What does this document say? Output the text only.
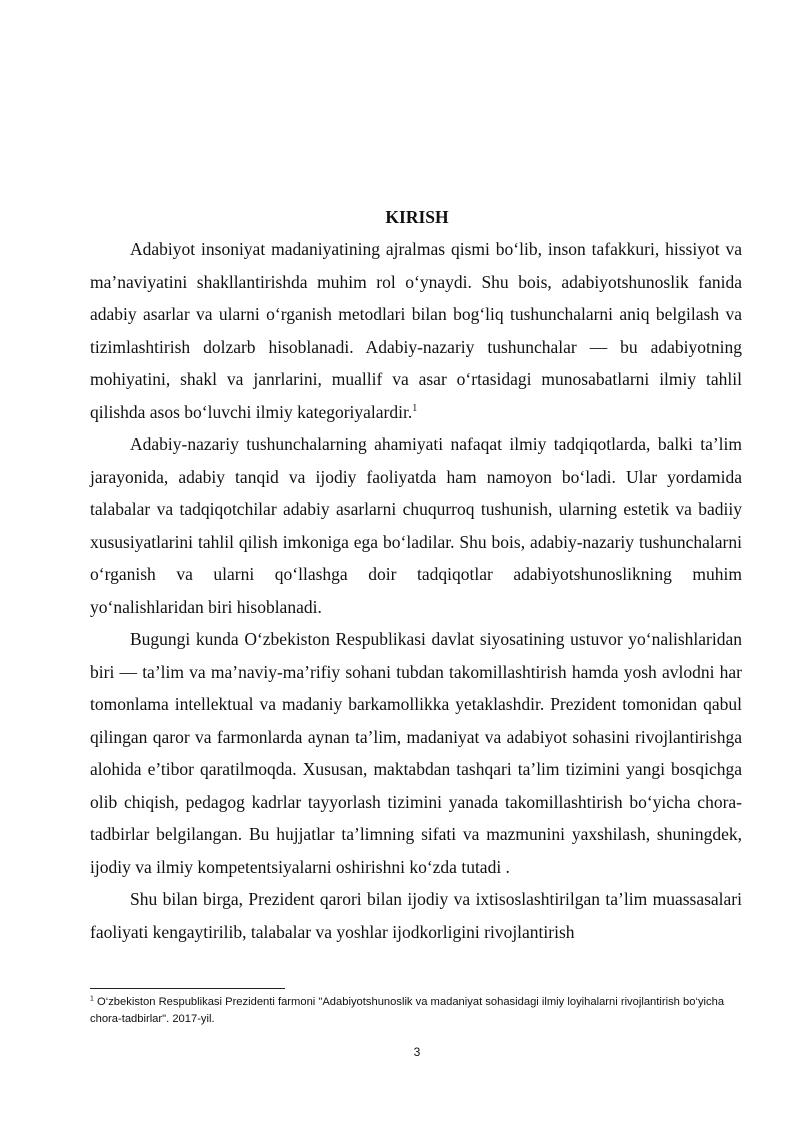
KIRISH

Adabiyot insoniyat madaniyatining ajralmas qismi bo‘lib, inson tafakkuri, hissiyot va ma’naviyatini shakllantirishda muhim rol o‘ynaydi. Shu bois, adabiyotshunoslik fanida adabiy asarlar va ularni o‘rganish metodlari bilan bog‘liq tushunchalarni aniq belgilash va tizimlashtirish dolzarb hisoblanadi. Adabiy-nazariy tushunchalar — bu adabiyotning mohiyatini, shakl va janrlarini, muallif va asar o‘rtasidagi munosabatlarni ilmiy tahlil qilishda asos bo‘luvchi ilmiy kategoriyalardir.$^1$

Adabiy-nazariy tushunchalarning ahamiyati nafaqat ilmiy tadqiqotlarda, balki ta’lim jarayonida, adabiy tanqid va ijodiy faoliyatda ham namoyon bo‘ladi. Ular yordamida talabalar va tadqiqotchilar adabiy asarlarni chuqurroq tushunish, ularning estetik va badiiy xususiyatlarini tahlil qilish imkoniga ega bo‘ladilar. Shu bois, adabiy-nazariy tushunchalarni o‘rganish va ularni qo‘llashga doir tadqiqotlar adabiyotshunoslikning muhim yo‘nalishlaridan biri hisoblanadi.

Bugungi kunda O‘zbekiston Respublikasi davlat siyosatining ustuvor yo‘nalishlaridan biri — ta’lim va ma’naviy-ma’rifiy sohani tubdan takomillashtirish hamda yosh avlodni har tomonlama intellektual va madaniy barkamollikka yetaklashdir. Prezident tomonidan qabul qilingan qaror va farmonlarda aynan ta’lim, madaniyat va adabiyot sohasini rivojlantirishga alohida e’tibor qaratilmoqda. Xususan, maktabdan tashqari ta’lim tizimini yangi bosqichga olib chiqish, pedagog kadrlar tayyorlash tizimini yanada takomillashtirish bo‘yicha chora-tadbirlar belgilangan. Bu hujjatlar ta’limning sifati va mazmunini yaxshilash, shuningdek, ijodiy va ilmiy kompetentsiyalarni oshirishni ko‘zda tutadi .

Shu bilan birga, Prezident qarori bilan ijodiy va ixtisoslashtirilgan ta’lim muassasalari faoliyati kengaytirilib, talabalar va yoshlar ijodkorligini rivojlantirish

$^1$ O‘zbekiston Respublikasi Prezidenti farmoni "Adabiyotshunoslik va madaniyat sohasidagi ilmiy loyihalarni rivojlantirish bo‘yicha chora-tadbirlar". 2017-yil.

3
